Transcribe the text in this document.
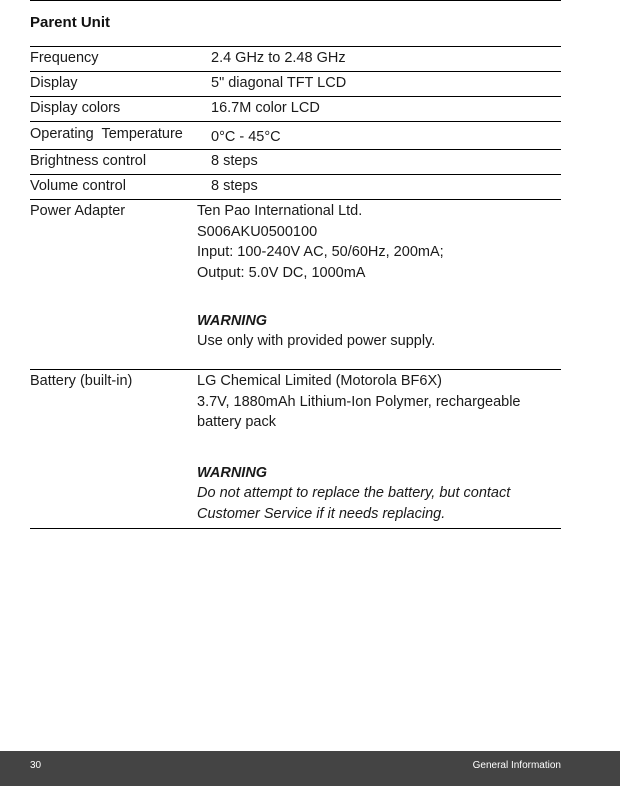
Parent Unit
Frequency	2.4 GHz to 2.48 GHz
Display	5" diagonal TFT LCD
Display colors	16.7M color LCD
Operating  Temperature 0°C - 45°C
Brightness control	8 steps
Volume control	8 steps
Power Adapter	Ten Pao International Ltd.
S006AKU0500100
Input: 100-240V AC, 50/60Hz, 200mA;
Output: 5.0V DC, 1000mA
WARNING
Use only with provided power supply.
Battery (built-in)	LG Chemical Limited (Motorola BF6X)
3.7V, 1880mAh Lithium-Ion Polymer, rechargeable
battery pack
WARNING
Do not attempt to replace the battery, but contact
Customer Service if it needs replacing.
30	General Information
